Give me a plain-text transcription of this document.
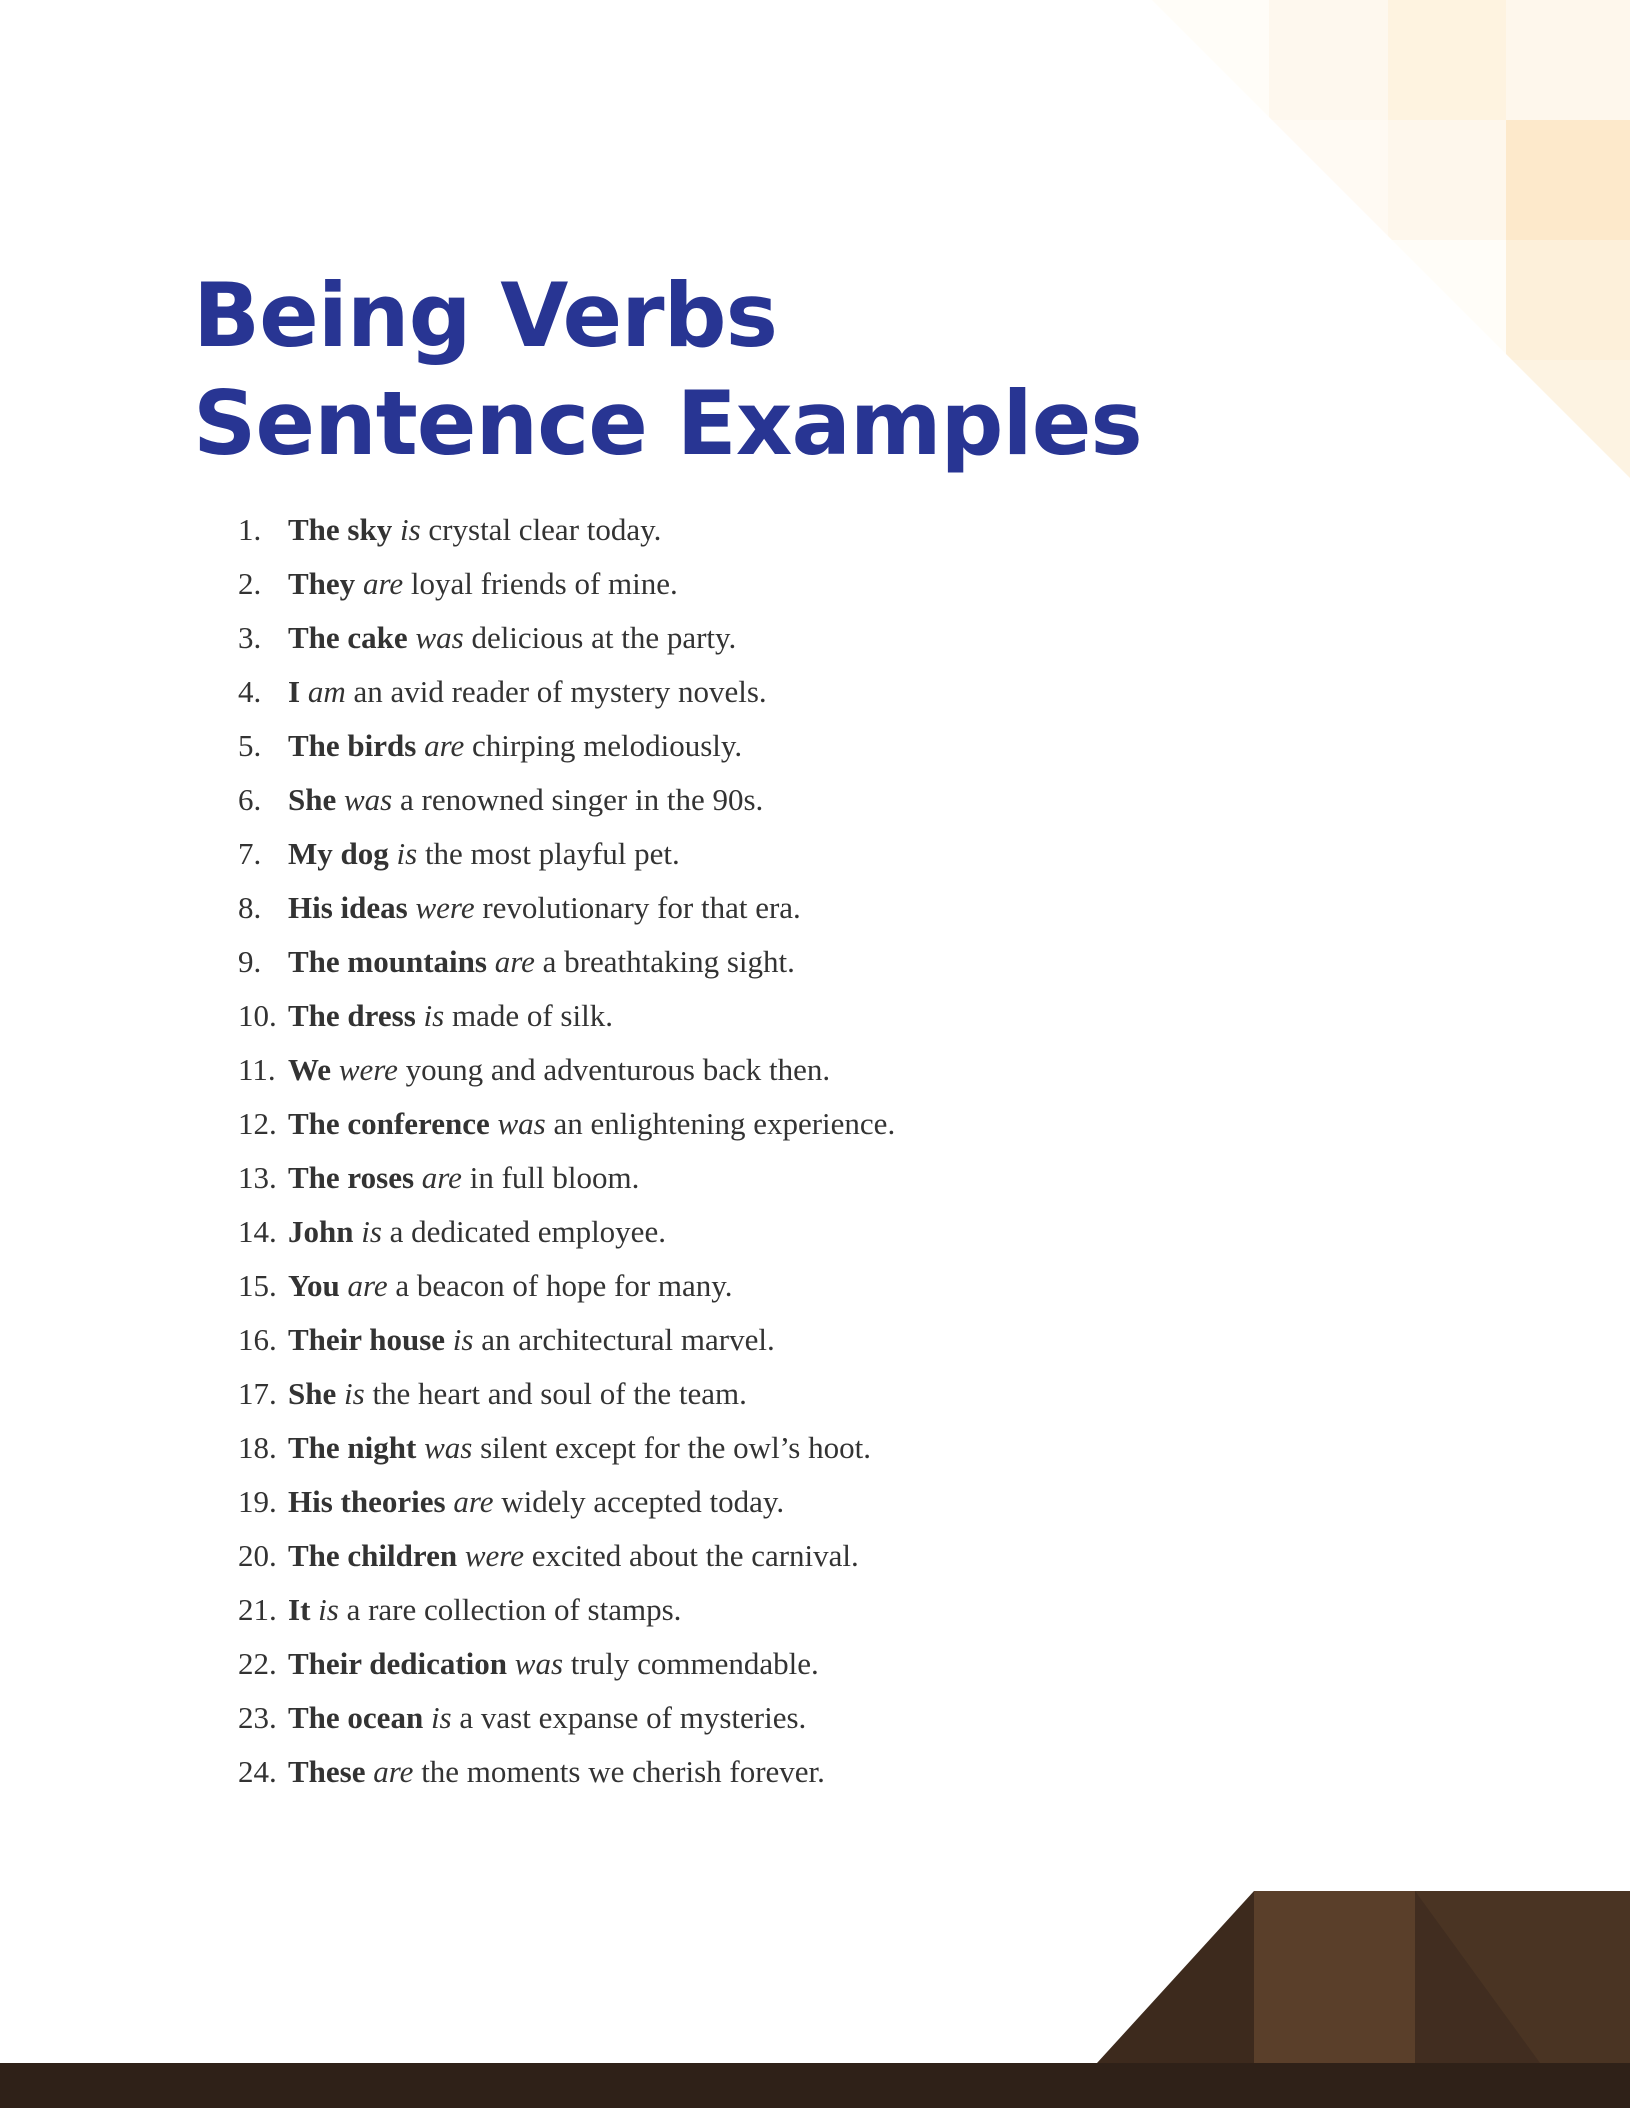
Being Verbs
Sentence Examples
1. The sky is crystal clear today.
2. They are loyal friends of mine.
3. The cake was delicious at the party.
4. I am an avid reader of mystery novels.
5. The birds are chirping melodiously.
6. She was a renowned singer in the 90s.
7. My dog is the most playful pet.
8. His ideas were revolutionary for that era.
9. The mountains are a breathtaking sight.
10. The dress is made of silk.
11. We were young and adventurous back then.
12. The conference was an enlightening experience.
13. The roses are in full bloom.
14. John is a dedicated employee.
15. You are a beacon of hope for many.
16. Their house is an architectural marvel.
17. She is the heart and soul of the team.
18. The night was silent except for the owl’s hoot.
19. His theories are widely accepted today.
20. The children were excited about the carnival.
21. It is a rare collection of stamps.
22. Their dedication was truly commendable.
23. The ocean is a vast expanse of mysteries.
24. These are the moments we cherish forever.
